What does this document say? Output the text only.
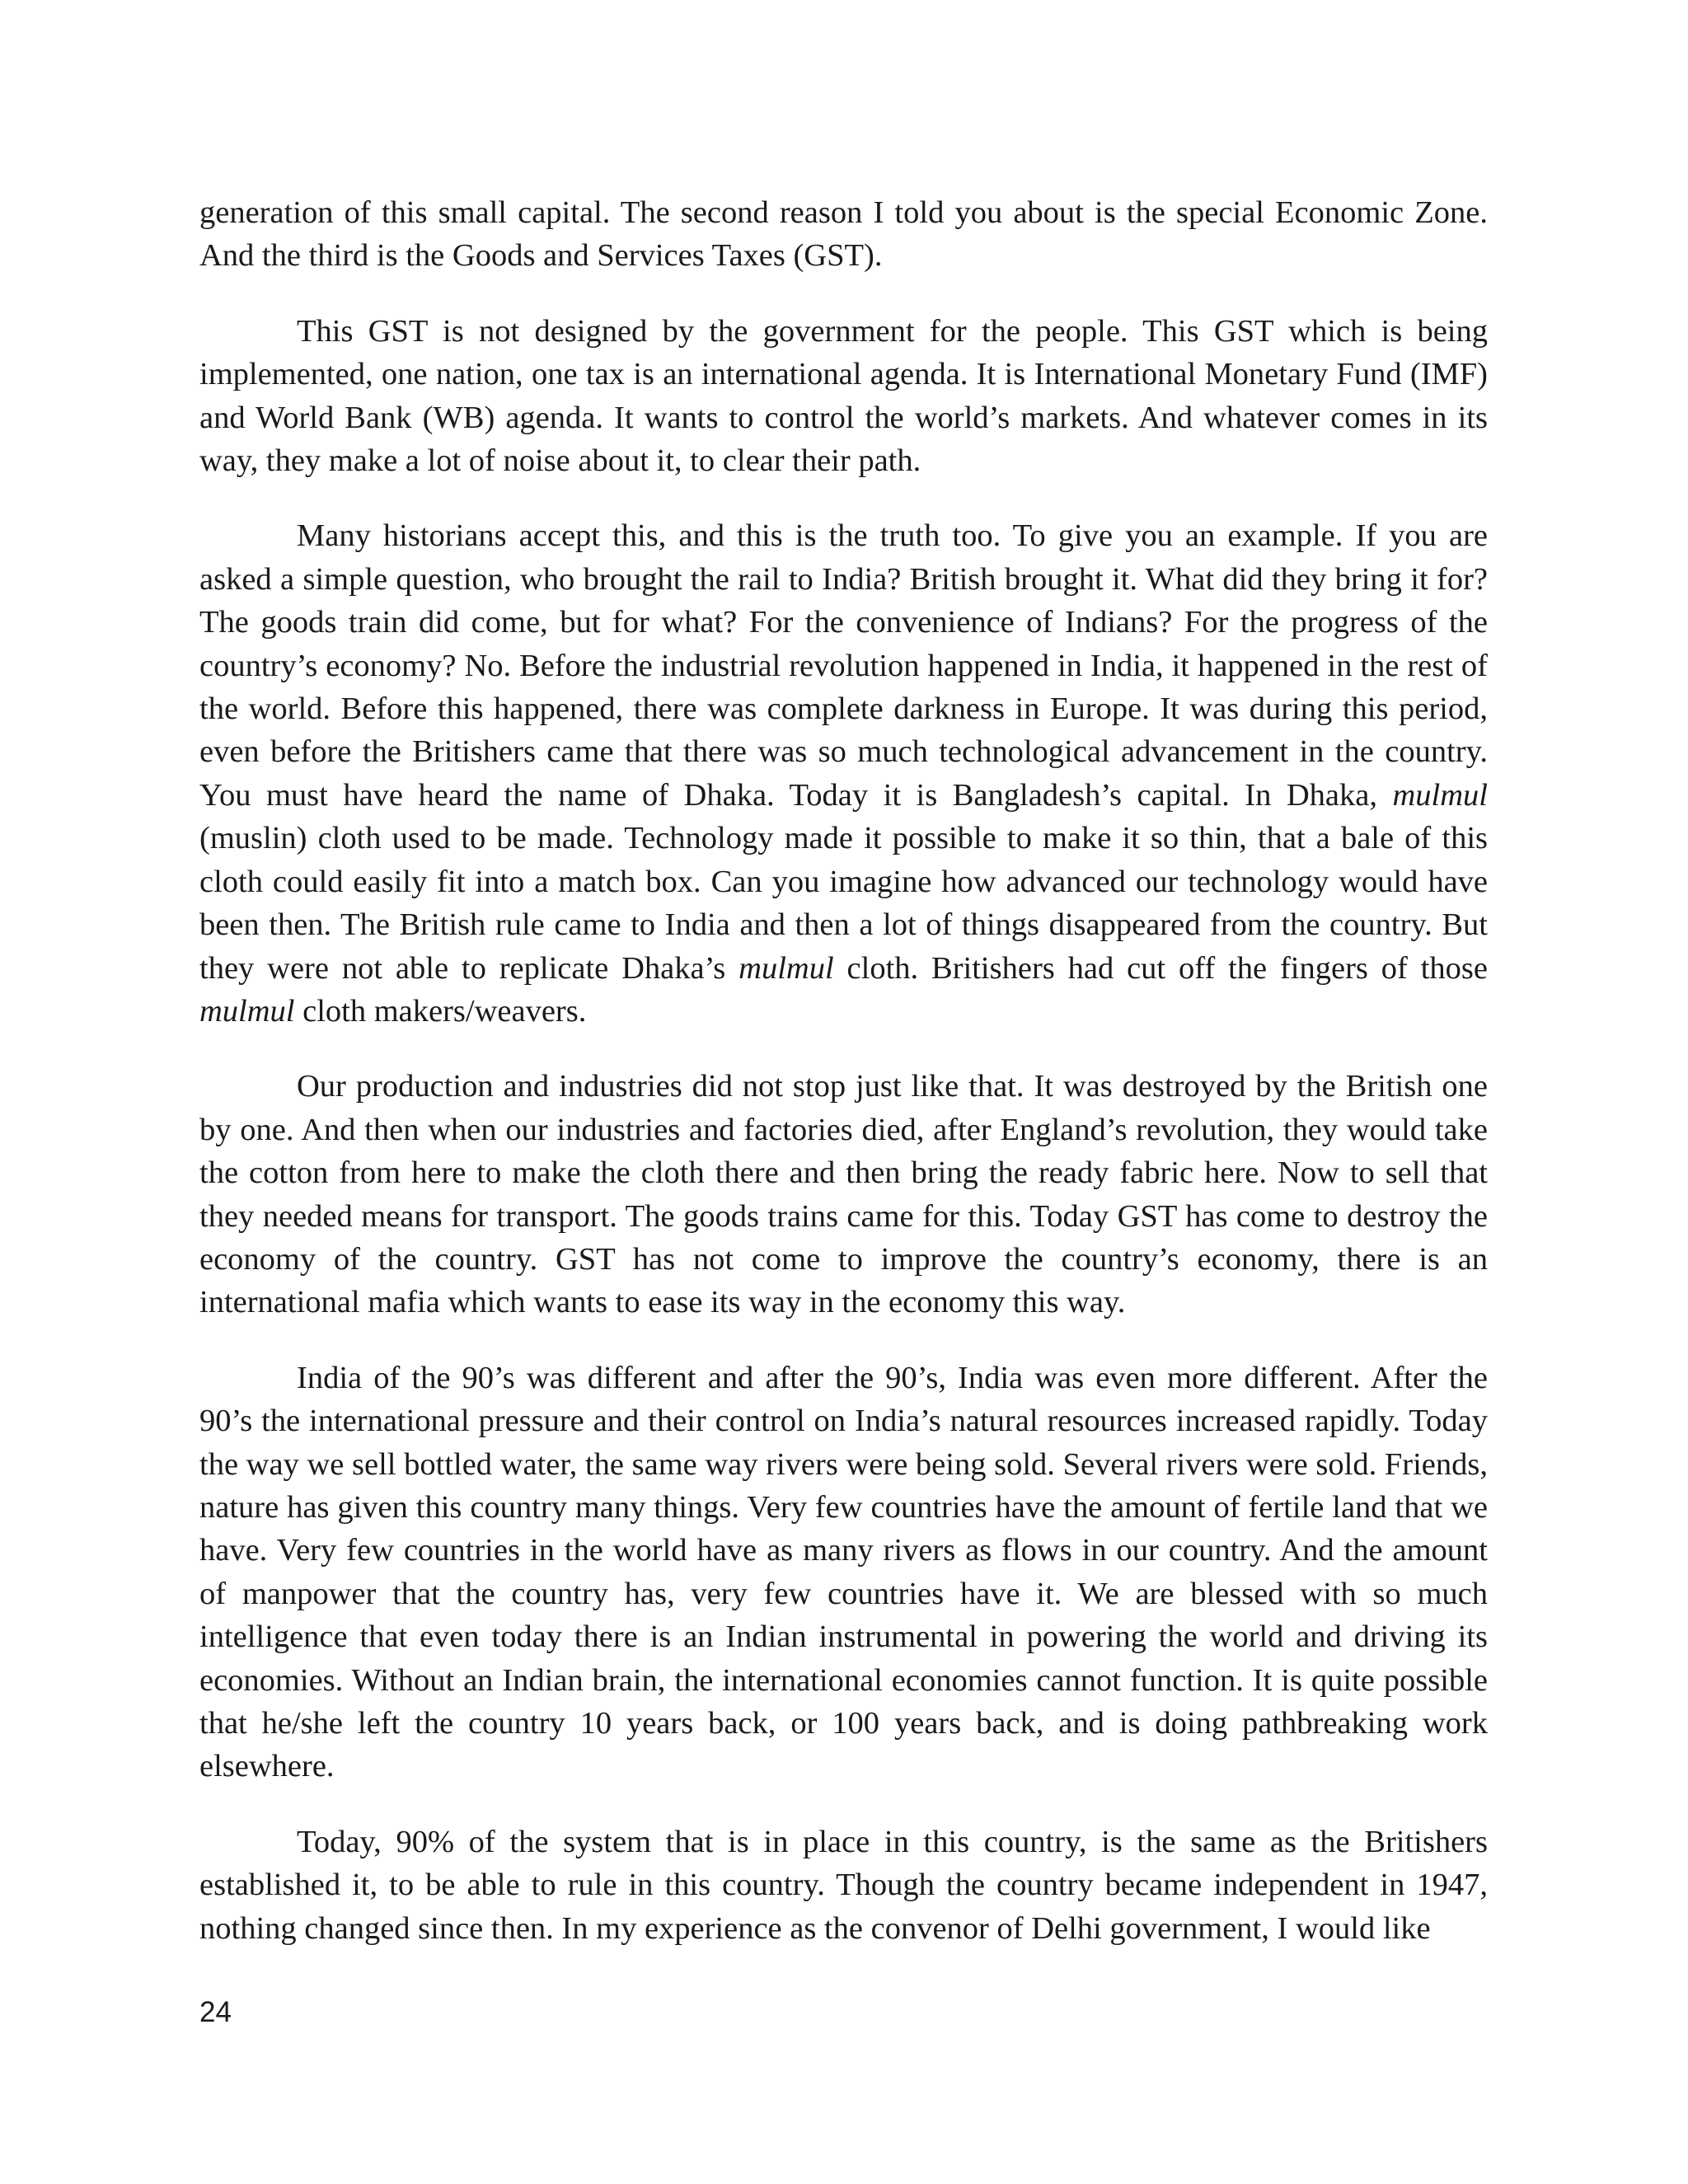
generation of this small capital. The second reason I told you about is the special Economic Zone. And the third is the Goods and Services Taxes (GST).

This GST is not designed by the government for the people. This GST which is being implemented, one nation, one tax is an international agenda. It is International Monetary Fund (IMF) and World Bank (WB) agenda. It wants to control the world’s markets. And whatever comes in its way, they make a lot of noise about it, to clear their path.

Many historians accept this, and this is the truth too. To give you an example. If you are asked a simple question, who brought the rail to India? British brought it. What did they bring it for? The goods train did come, but for what? For the convenience of Indians? For the progress of the country’s economy? No. Before the industrial revolution happened in India, it happened in the rest of the world. Before this happened, there was complete darkness in Europe. It was during this period, even before the Britishers came that there was so much technological advancement in the country. You must have heard the name of Dhaka. Today it is Bangladesh’s capital. In Dhaka, mulmul (muslin) cloth used to be made. Technology made it possible to make it so thin, that a bale of this cloth could easily fit into a match box. Can you imagine how advanced our technology would have been then. The British rule came to India and then a lot of things disappeared from the country. But they were not able to replicate Dhaka’s mulmul cloth. Britishers had cut off the fingers of those mulmul cloth makers/weavers.

Our production and industries did not stop just like that. It was destroyed by the British one by one. And then when our industries and factories died, after England’s revolution, they would take the cotton from here to make the cloth there and then bring the ready fabric here. Now to sell that they needed means for transport. The goods trains came for this. Today GST has come to destroy the economy of the country. GST has not come to improve the country’s economy, there is an international mafia which wants to ease its way in the economy this way.

India of the 90’s was different and after the 90’s, India was even more different. After the 90’s the international pressure and their control on India’s natural resources increased rapidly. Today the way we sell bottled water, the same way rivers were being sold. Several rivers were sold. Friends, nature has given this country many things. Very few countries have the amount of fertile land that we have. Very few countries in the world have as many rivers as flows in our country. And the amount of manpower that the country has, very few countries have it. We are blessed with so much intelligence that even today there is an Indian instrumental in powering the world and driving its economies. Without an Indian brain, the international economies cannot function. It is quite possible that he/she left the country 10 years back, or 100 years back, and is doing pathbreaking work elsewhere.

Today, 90% of the system that is in place in this country, is the same as the Britishers established it, to be able to rule in this country. Though the country became independent in 1947, nothing changed since then. In my experience as the convenor of Delhi government, I would like

24
